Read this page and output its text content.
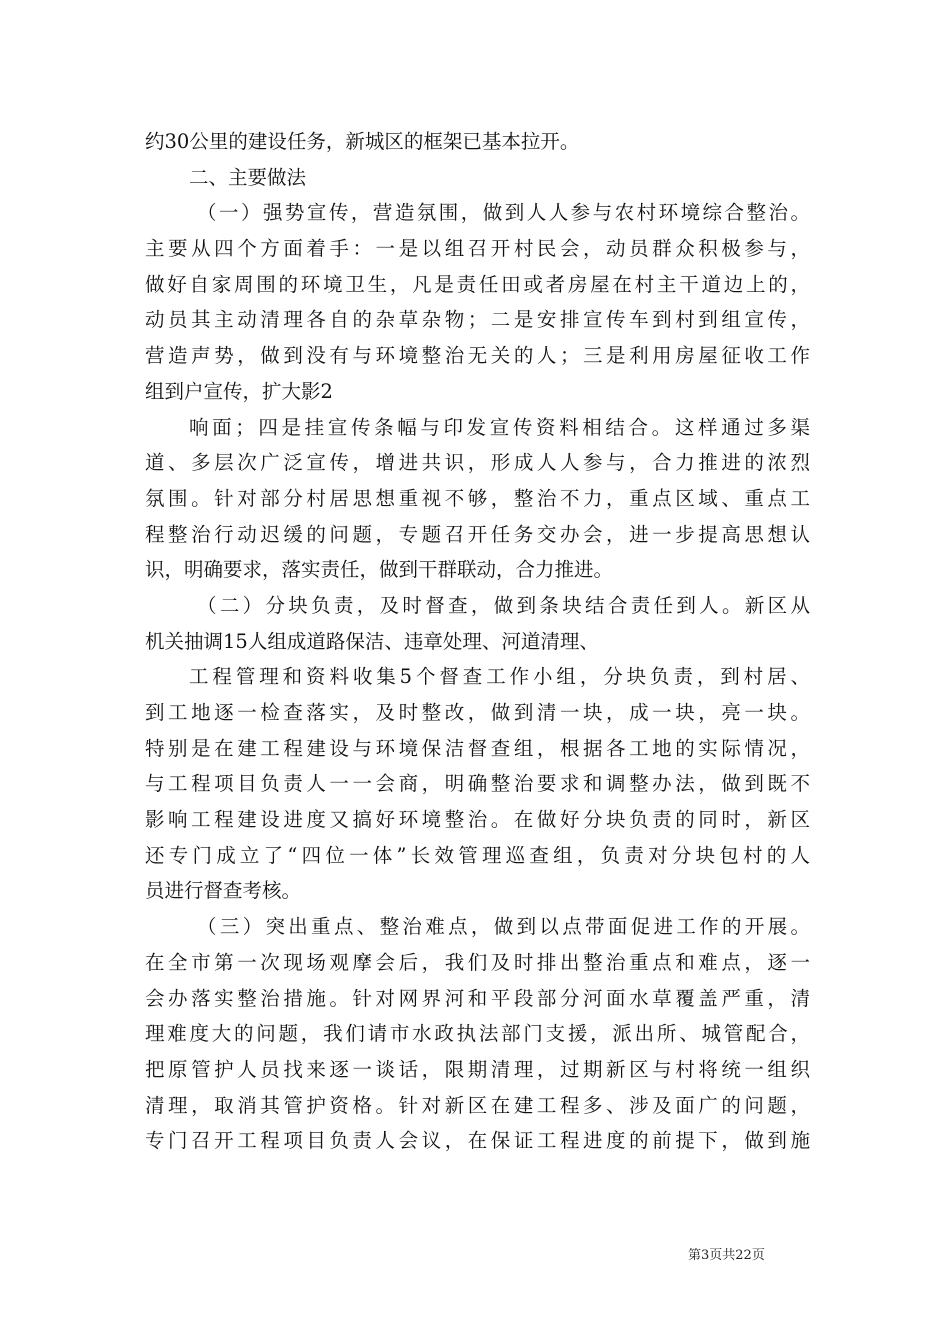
约30公里的建设任务，新城区的框架已基本拉开。
二、主要做法
（一）强势宣传，营造氛围，做到人人参与农村环境综合整治。
主要从四个方面着手：一是以组召开村民会，动员群众积极参与，
做好自家周围的环境卫生，凡是责任田或者房屋在村主干道边上的，
动员其主动清理各自的杂草杂物；二是安排宣传车到村到组宣传，
营造声势，做到没有与环境整治无关的人；三是利用房屋征收工作
组到户宣传，扩大影2
响面；四是挂宣传条幅与印发宣传资料相结合。这样通过多渠
道、多层次广泛宣传，增进共识，形成人人参与，合力推进的浓烈
氛围。针对部分村居思想重视不够，整治不力，重点区域、重点工
程整治行动迟缓的问题，专题召开任务交办会，进一步提高思想认
识，明确要求，落实责任，做到干群联动，合力推进。
（二）分块负责，及时督查，做到条块结合责任到人。新区从
机关抽调15人组成道路保洁、违章处理、河道清理、
工程管理和资料收集5个督查工作小组，分块负责，到村居、
到工地逐一检查落实，及时整改，做到清一块，成一块，亮一块。
特别是在建工程建设与环境保洁督查组，根据各工地的实际情况，
与工程项目负责人一一会商，明确整治要求和调整办法，做到既不
影响工程建设进度又搞好环境整治。在做好分块负责的同时，新区
还专门成立了“四位一体”长效管理巡查组，负责对分块包村的人
员进行督查考核。
（三）突出重点、整治难点，做到以点带面促进工作的开展。
在全市第一次现场观摩会后，我们及时排出整治重点和难点，逐一
会办落实整治措施。针对网界河和平段部分河面水草覆盖严重，清
理难度大的问题，我们请市水政执法部门支援，派出所、城管配合，
把原管护人员找来逐一谈话，限期清理，过期新区与村将统一组织
清理，取消其管护资格。针对新区在建工程多、涉及面广的问题，
专门召开工程项目负责人会议，在保证工程进度的前提下，做到施
第3页共22页
